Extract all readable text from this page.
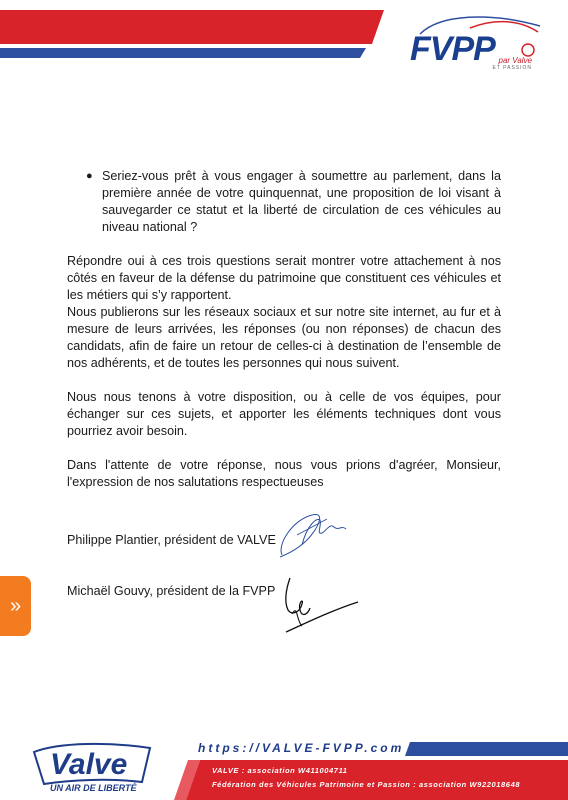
FVPP par Valve
ET PASSION
● Seriez-vous prêt à vous engager à soumettre au parlement, dans la première année de votre quinquennat, une proposition de loi visant à sauvegarder ce statut et la liberté de circulation de ces véhicules au niveau national ?

Répondre oui à ces trois questions serait montrer votre attachement à nos côtés en faveur de la défense du patrimoine que constituent ces véhicules et les métiers qui s’y rapportent.

Nous publierons sur les réseaux sociaux et sur notre site internet, au fur et à mesure de leurs arrivées, les réponses (ou non réponses) de chacun des candidats, afin de faire un retour de celles-ci à destination de l’ensemble de nos adhérents, et de toutes les personnes qui nous suivent.

Nous nous tenons à votre disposition, ou à celle de vos équipes, pour échanger sur ces sujets, et apporter les éléments techniques dont vous pourriez avoir besoin.

Dans l'attente de votre réponse, nous vous prions d'agréer, Monsieur, l'expression de nos salutations respectueuses

Philippe Plantier, président de VALVE
Michaël Gouvy, président de la FVPP
»
Valve
UN AIR DE LIBERTÉ
https://VALVE-FVPP.com
VALVE : association W411004711
Fédération des Véhicules Patrimoine et Passion : association W922018648
